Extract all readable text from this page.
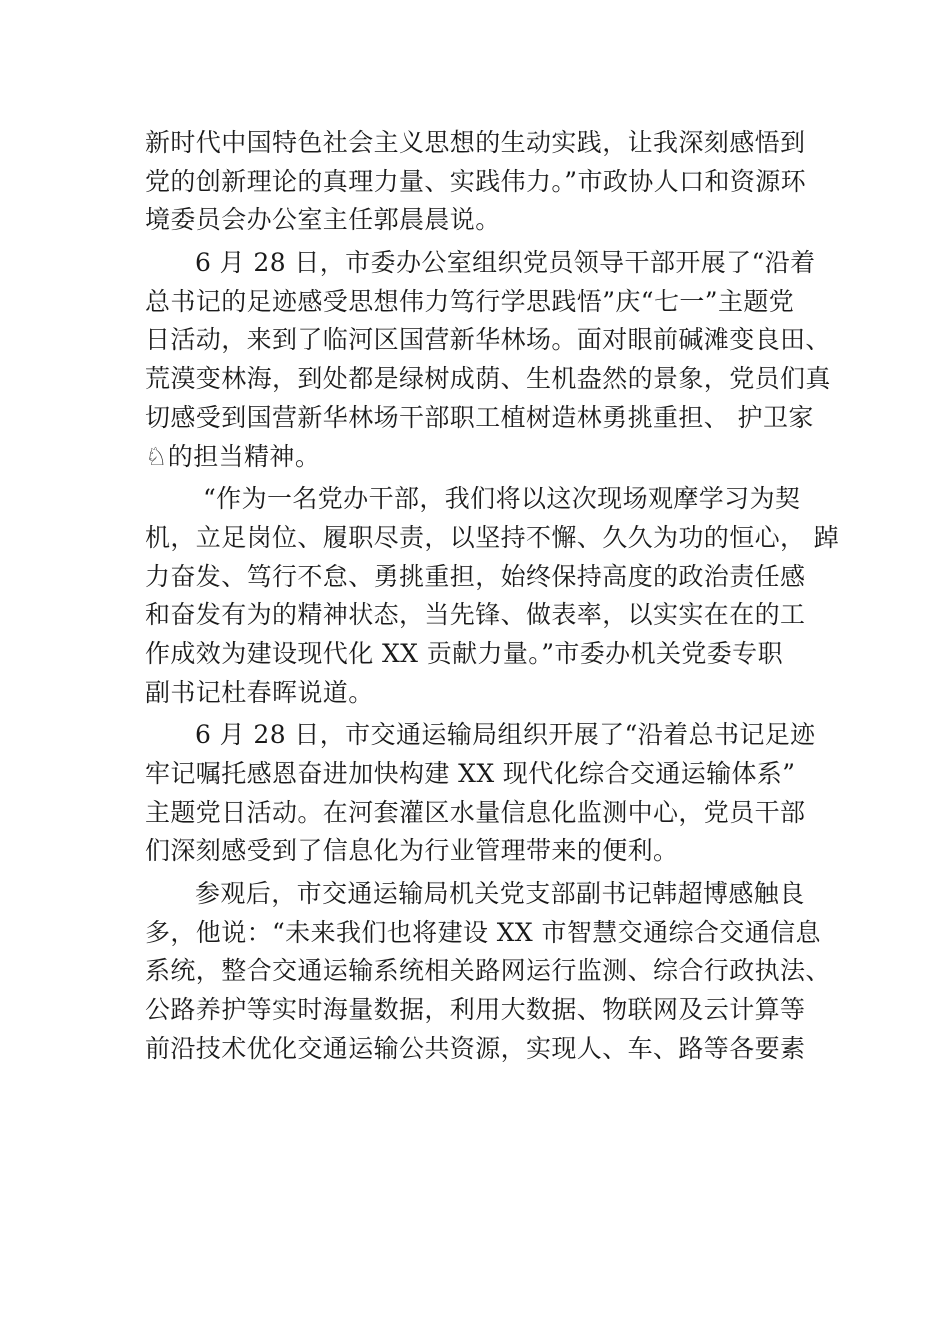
新时代中国特色社会主义思想的生动实践，让我深刻感悟到
党的创新理论的真理力量、实践伟力。”市政协人口和资源环
境委员会办公室主任郭晨晨说。
6 月 28 日，市委办公室组织党员领导干部开展了“沿着
总书记的足迹感受思想伟力笃行学思践悟”庆“七一”主题党
日活动，来到了临河区国营新华林场。面对眼前碱滩变良田、
荒漠变林海，到处都是绿树成荫、生机盎然的景象，党员们真
切感受到国营新华林场干部职工植树造林勇挑重担、 护卫家
♘的担当精神。
“作为一名党办干部，我们将以这次现场观摩学习为契
机，立足岗位、履职尽责，以坚持不懈、久久为功的恒心， 踔
力奋发、笃行不怠、勇挑重担，始终保持高度的政治责任感
和奋发有为的精神状态，当先锋、做表率，以实实在在的工
作成效为建设现代化 XX 贡献力量。”市委办机关党委专职
副书记杜春晖说道。
6 月 28 日，市交通运输局组织开展了“沿着总书记足迹
牢记嘱托感恩奋进加快构建 XX 现代化综合交通运输体系”
主题党日活动。在河套灌区水量信息化监测中心，党员干部
们深刻感受到了信息化为行业管理带来的便利。
参观后，市交通运输局机关党支部副书记韩超博感触良
多，他说：“未来我们也将建设 XX 市智慧交通综合交通信息
系统，整合交通运输系统相关路网运行监测、综合行政执法、
公路养护等实时海量数据，利用大数据、物联网及云计算等
前沿技术优化交通运输公共资源，实现人、车、路等各要素
